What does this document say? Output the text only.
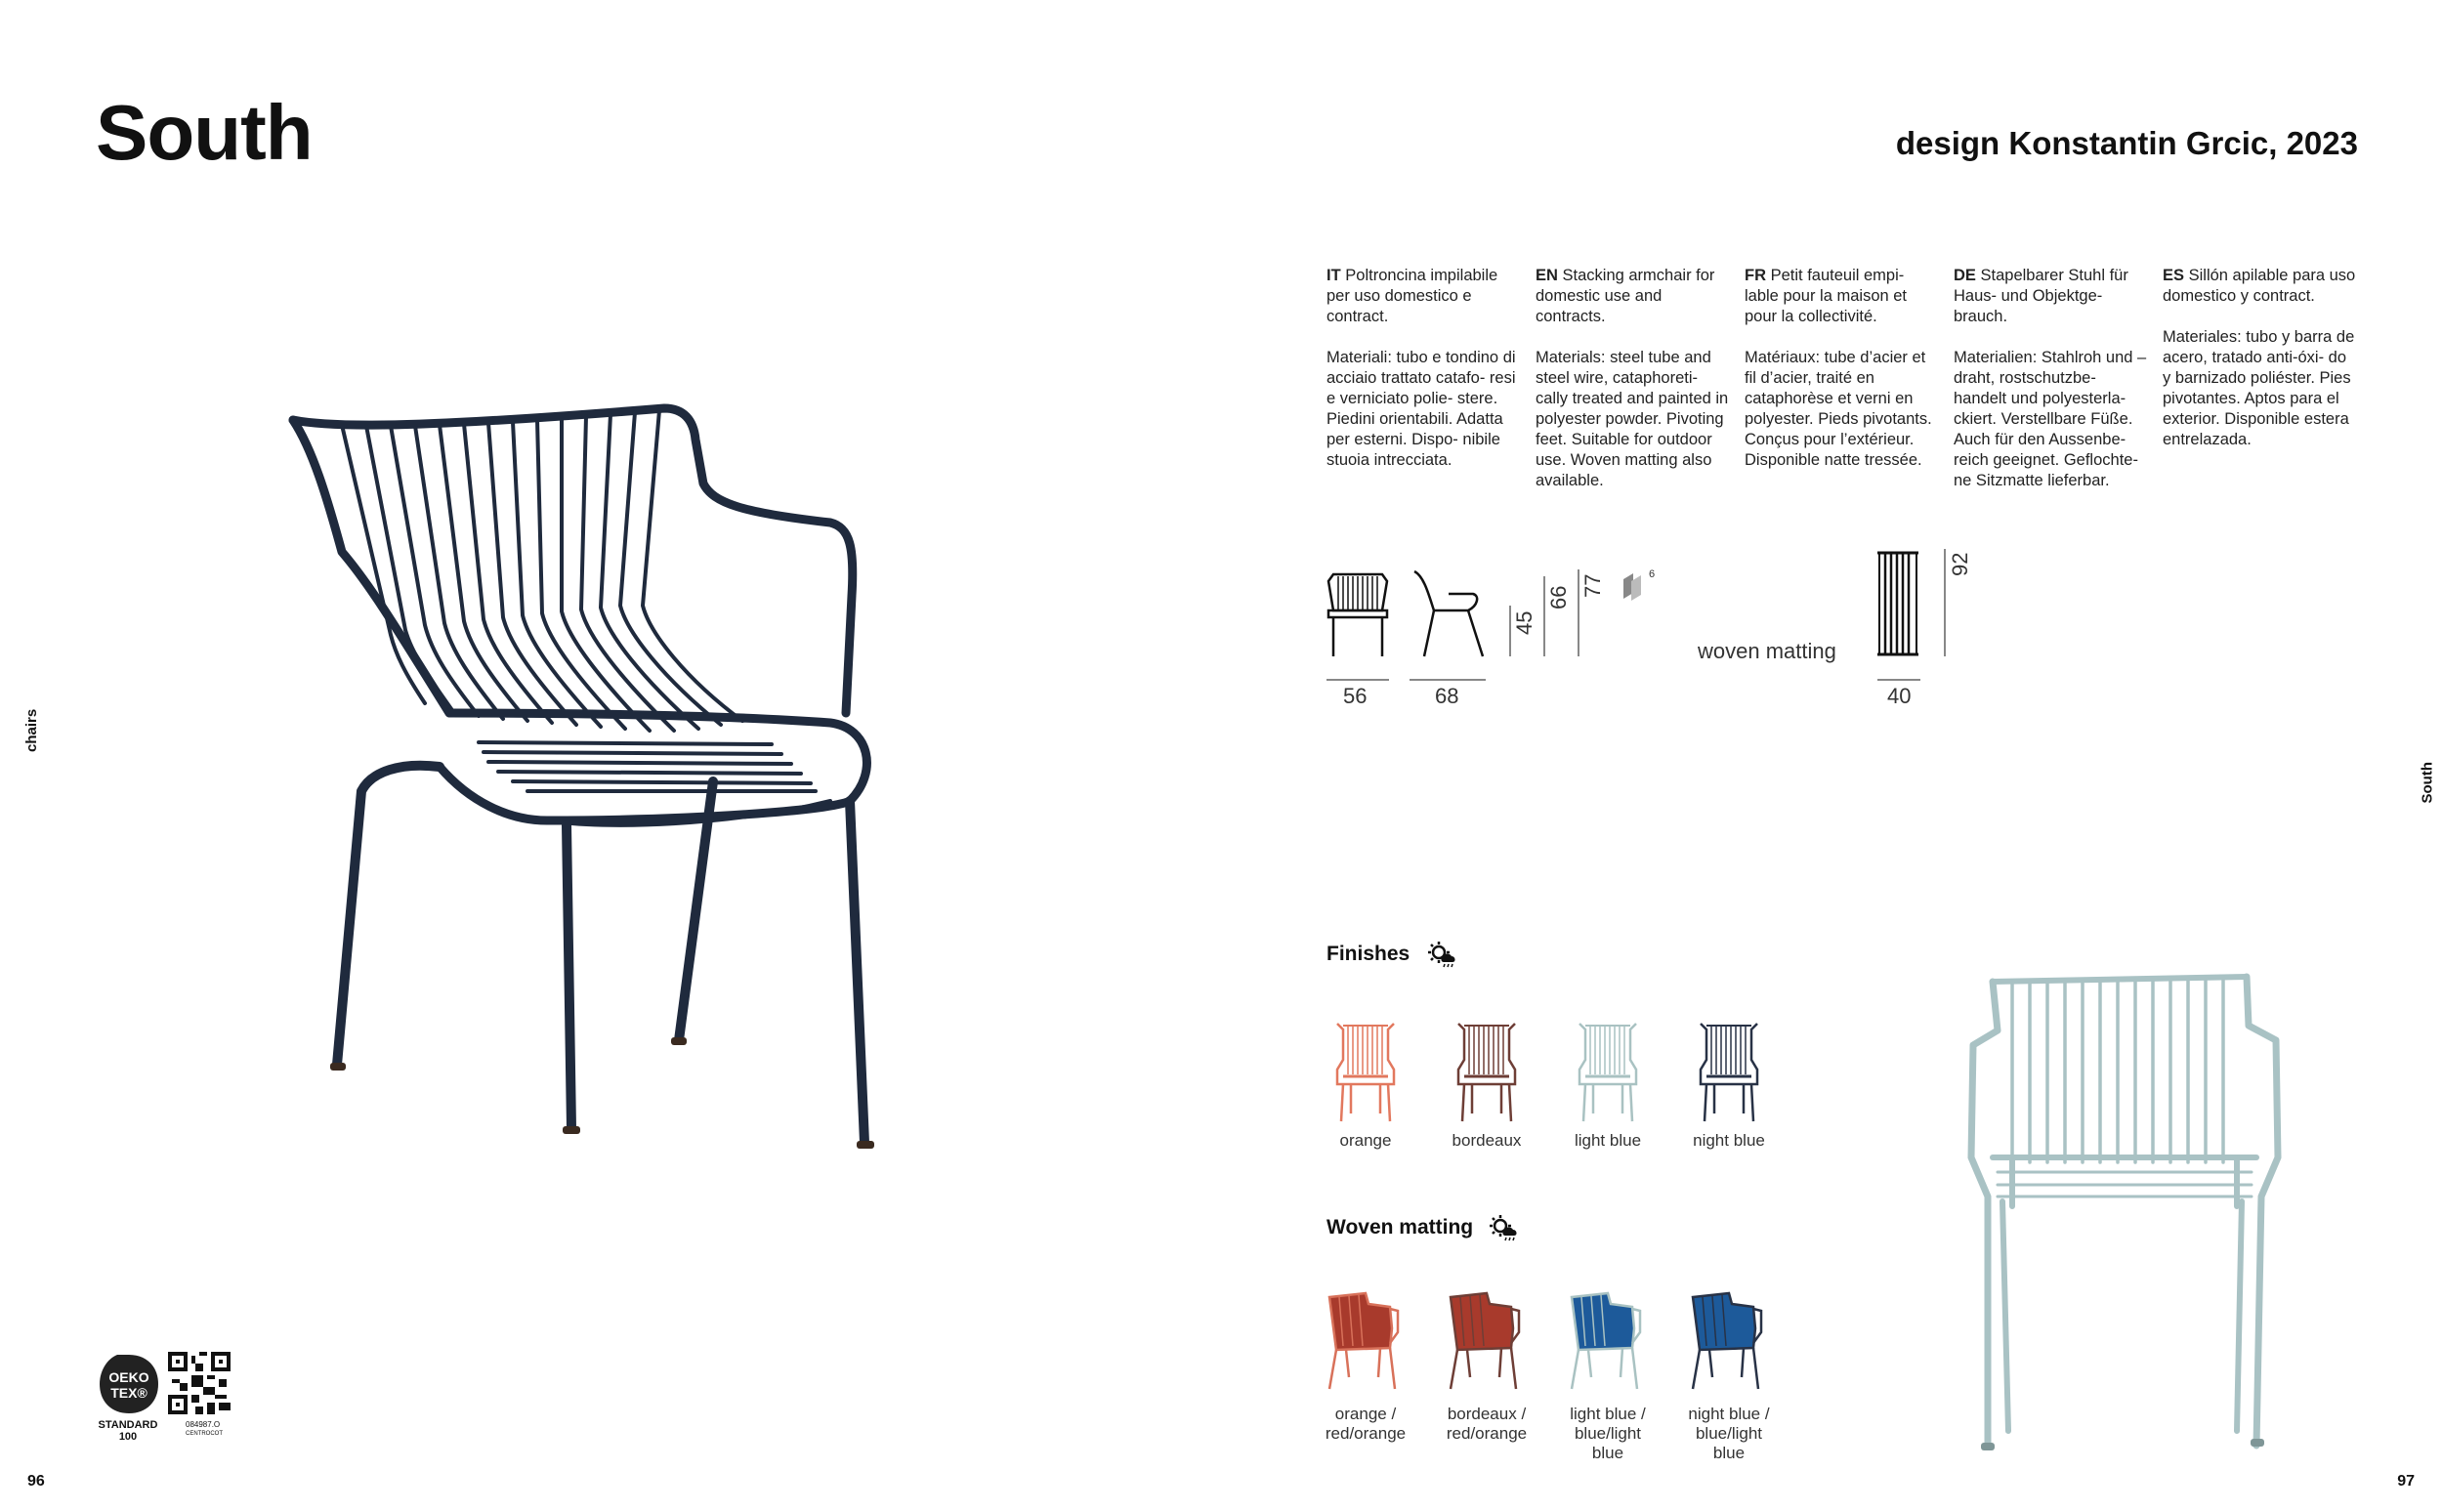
South	design Konstantin Grcic, 2023
chairs
South
96	97

IT Poltroncina impilabile per uso domestico e contract.

Materiali: tubo e tondino di acciaio trattato catafo- resi e verniciato polie- stere. Piedini orientabili. Adatta per esterni. Dispo- nibile stuoia intrecciata.

EN Stacking armchair for domestic use and contracts.

Materials: steel tube and steel wire, cataphoreti- cally treated and painted in polyester powder. Pivoting feet. Suitable for outdoor use. Woven matting also available.

FR Petit fauteuil empi- lable pour la maison et pour la collectivité.

Matériaux: tube d’acier et fil d’acier, traité en cataphorèse et verni en polyester. Pieds pivotants. Conçus pour l’extérieur. Disponible natte tressée.

DE Stapelbarer Stuhl für Haus- und Objektge- brauch.

Materialien: Stahlroh und – draht, rostschutzbe- handelt und polyesterla- ckiert. Verstellbare Füße. Auch für den Aussenbe- reich geeignet. Geflochte- ne Sitzmatte lieferbar.

ES Sillón apilable para uso domestico y contract.

Materiales: tubo y barra de acero, tratado anti-óxi- do y barnizado poliéster. Pies pivotantes. Aptos para el exterior. Disponible estera entrelazada.

56	68
45
66 77	6
woven matting
40
92
Finishes
orange	bordeaux	light blue	night blue
Woven matting
orange /
red/orange
bordeaux /
red/orange
light blue /
blue/light blue
night blue /
blue/light blue
OEKO
TEX®
STANDARD
100
084987.O
CENTROCOT
